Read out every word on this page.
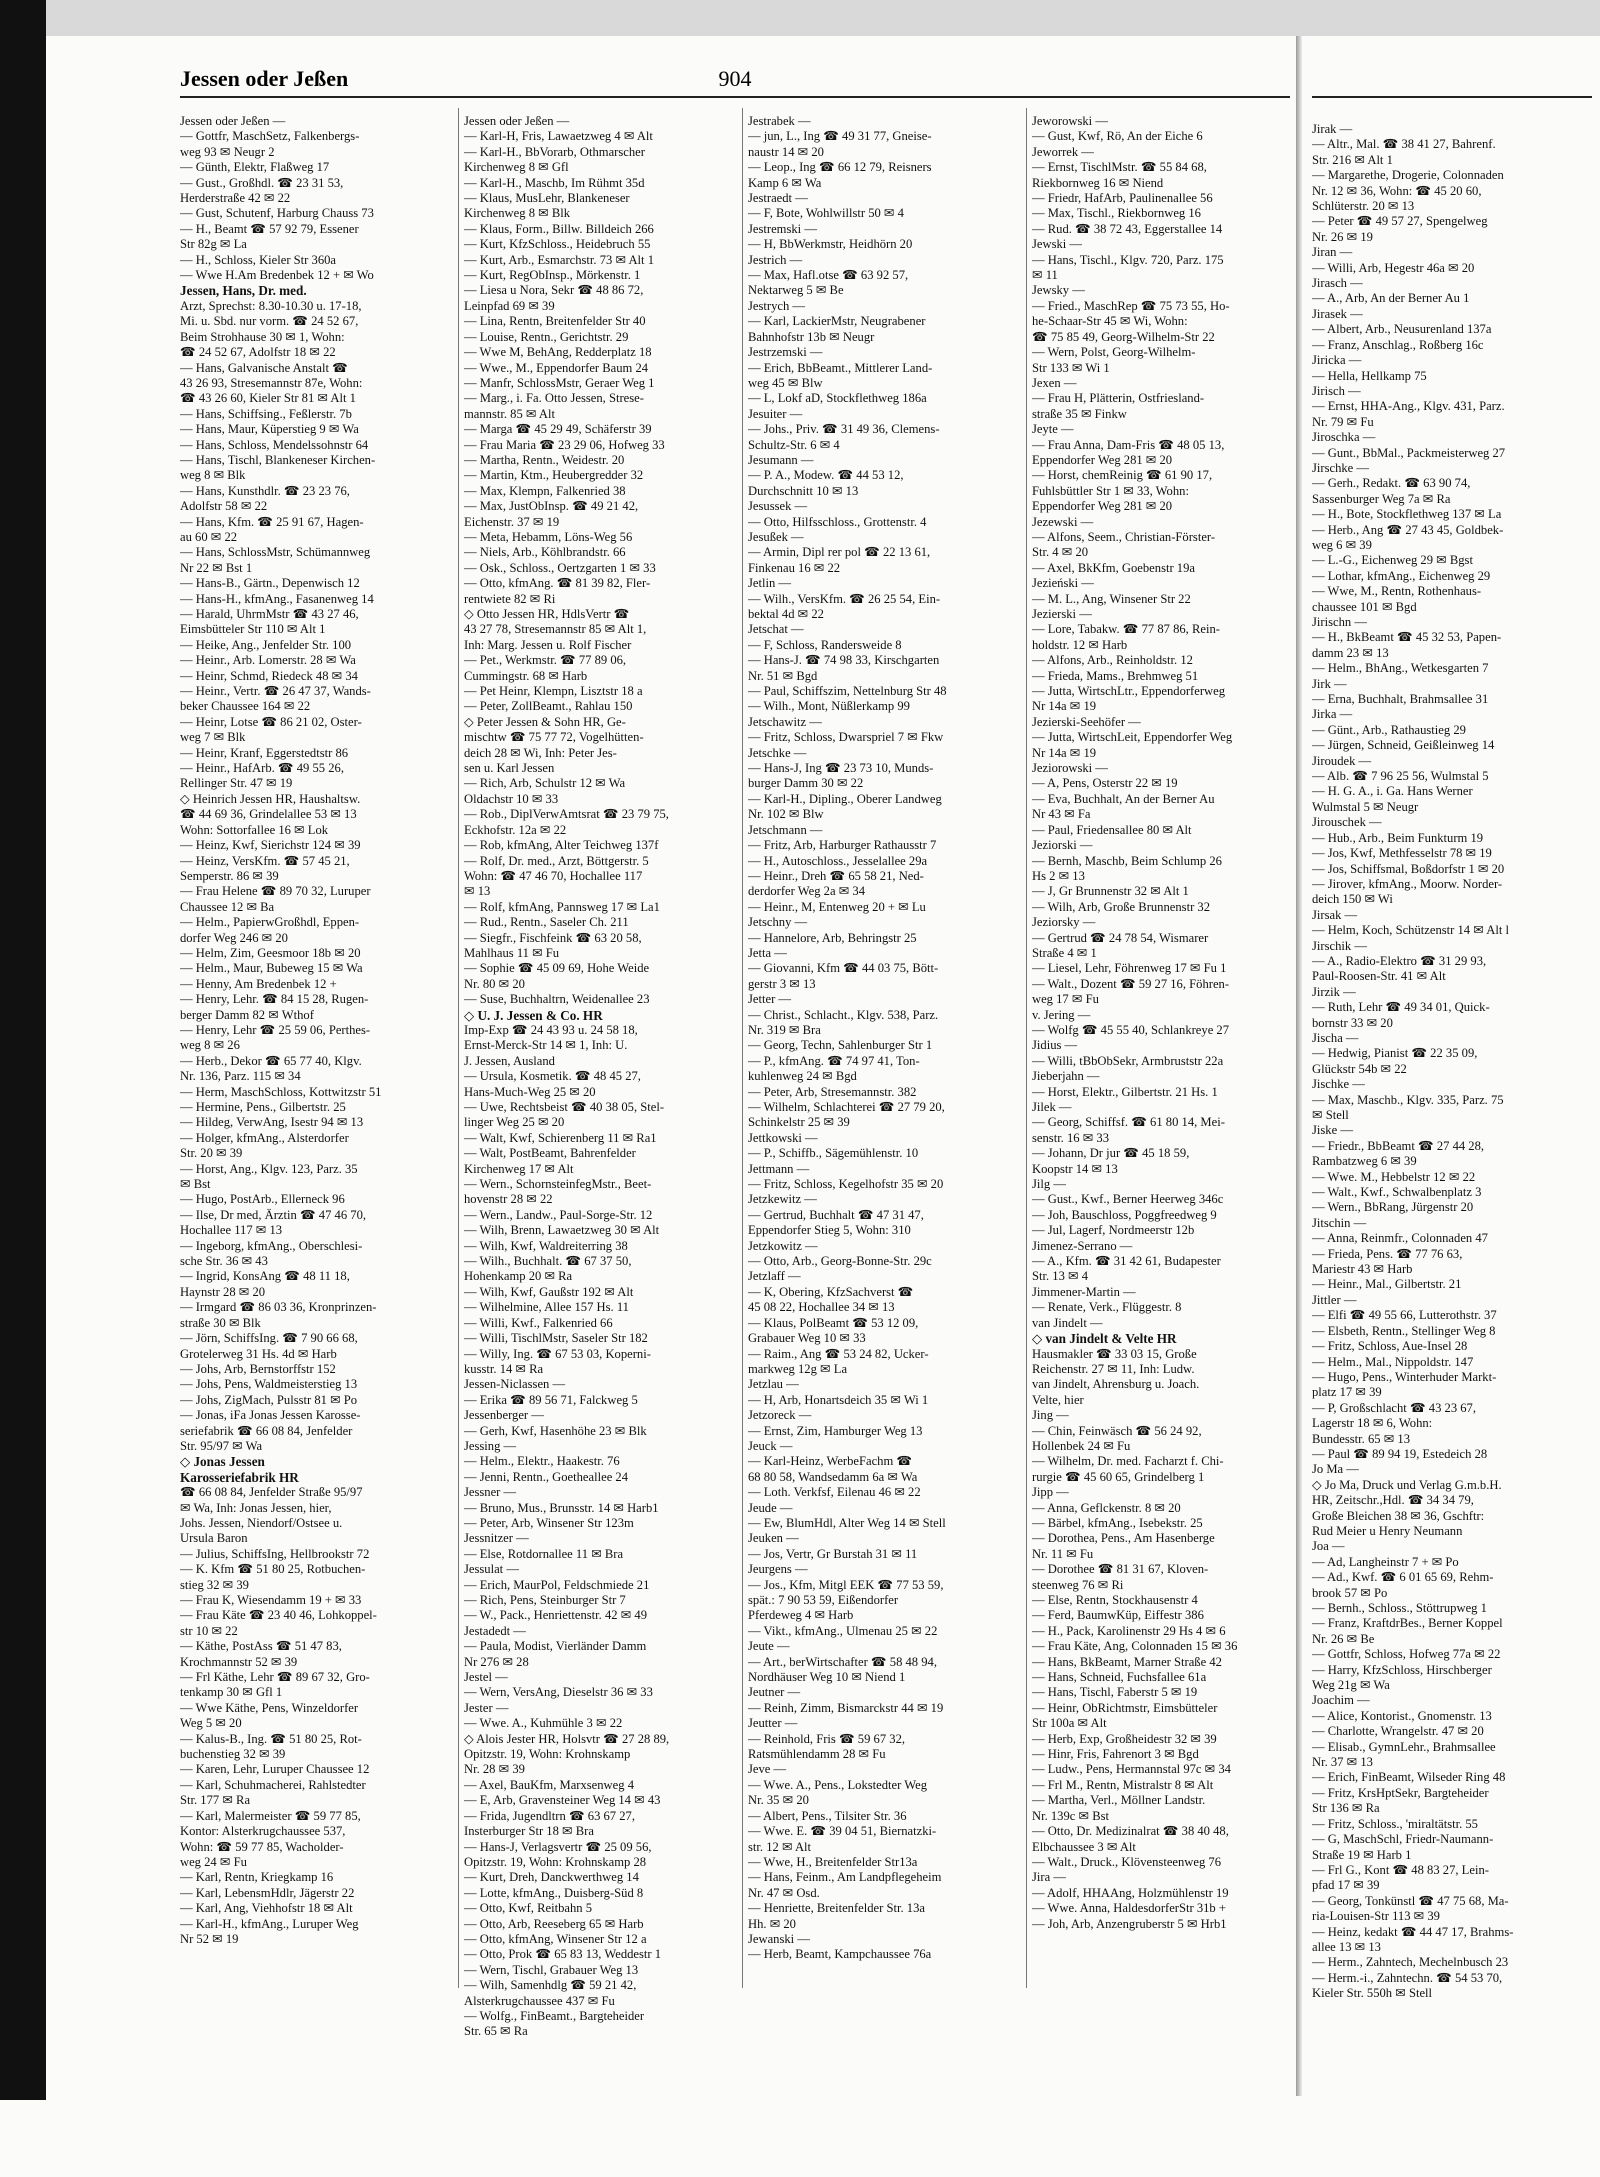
Jessen oder Jeßen	904
Jessen oder Jeßen —
— Gottfr, MaschSetz, Falkenbergs-
weg 93 ✉ Neugr 2
— Günth, Elektr, Flaßweg 17
— Gust., Großhdl. ☎ 23 31 53,
Herderstraße 42 ✉ 22
— Gust, Schutenf, Harburg Chauss 73
— H., Beamt ☎ 57 92 79, Essener
Str 82g ✉ La
— H., Schloss, Kieler Str 360a
— Wwe H.Am Bredenbek 12 + ✉ Wo
Jessen, Hans, Dr. med.
Arzt, Sprechst: 8.30-10.30 u. 17-18,
Mi. u. Sbd. nur vorm. ☎ 24 52 67,
Beim Strohhause 30 ✉ 1, Wohn:
☎ 24 52 67, Adolfstr 18 ✉ 22
— Hans, Galvanische Anstalt ☎
43 26 93, Stresemannstr 87e, Wohn:
☎ 43 26 60, Kieler Str 81 ✉ Alt 1
— Hans, Schiffsing., Feßlerstr. 7b
— Hans, Maur, Küperstieg 9 ✉ Wa
— Hans, Schloss, Mendelssohnstr 64
— Hans, Tischl, Blankeneser Kirchen-
weg 8 ✉ Blk
— Hans, Kunsthdlr. ☎ 23 23 76,
Adolfstr 58 ✉ 22
— Hans, Kfm. ☎ 25 91 67, Hagen-
au 60 ✉ 22
— Hans, SchlossMstr, Schümannweg
Nr 22 ✉ Bst 1
— Hans-B., Gärtn., Depenwisch 12
— Hans-H., kfmAng., Fasanenweg 14
— Harald, UhrmMstr ☎ 43 27 46,
Eimsbütteler Str 110 ✉ Alt 1
— Heike, Ang., Jenfelder Str. 100
— Heinr., Arb. Lomerstr. 28 ✉ Wa
— Heinr, Schmd, Riedeck 48 ✉ 34
— Heinr., Vertr. ☎ 26 47 37, Wands-
beker Chaussee 164 ✉ 22
— Heinr, Lotse ☎ 86 21 02, Oster-
weg 7 ✉ Blk
— Heinr, Kranf, Eggerstedtstr 86
— Heinr., HafArb. ☎ 49 55 26,
Rellinger Str. 47 ✉ 19
◇ Heinrich Jessen HR, Haushaltsw.
☎ 44 69 36, Grindelallee 53 ✉ 13
Wohn: Sottorfallee 16 ✉ Lok
— Heinz, Kwf, Sierichstr 124 ✉ 39
— Heinz, VersKfm. ☎ 57 45 21,
Semperstr. 86 ✉ 39
— Frau Helene ☎ 89 70 32, Luruper
Chaussee 12 ✉ Ba
— Helm., PapierwGroßhdl, Eppen-
dorfer Weg 246 ✉ 20
— Helm, Zim, Geesmoor 18b ✉ 20
— Helm., Maur, Bubeweg 15 ✉ Wa
— Henny, Am Bredenbek 12 +
— Henry, Lehr. ☎ 84 15 28, Rugen-
berger Damm 82 ✉ Wthof
— Henry, Lehr ☎ 25 59 06, Perthes-
weg 8 ✉ 26
— Herb., Dekor ☎ 65 77 40, Klgv.
Nr. 136, Parz. 115 ✉ 34
— Herm, MaschSchloss, Kottwitzstr 51
— Hermine, Pens., Gilbertstr. 25
— Hildeg, VerwAng, Isestr 94 ✉ 13
— Holger, kfmAng., Alsterdorfer
Str. 20 ✉ 39
— Horst, Ang., Klgv. 123, Parz. 35
✉ Bst
— Hugo, PostArb., Ellerneck 96
— Ilse, Dr med, Ärztin ☎ 47 46 70,
Hochallee 117 ✉ 13
— Ingeborg, kfmAng., Oberschlesi-
sche Str. 36 ✉ 43
— Ingrid, KonsAng ☎ 48 11 18,
Haynstr 28 ✉ 20
— Irmgard ☎ 86 03 36, Kronprinzen-
straße 30 ✉ Blk
— Jörn, SchiffsIng. ☎ 7 90 66 68,
Grotelerweg 31 Hs. 4d ✉ Harb
— Johs, Arb, Bernstorffstr 152
— Johs, Pens, Waldmeisterstieg 13
— Johs, ZigMach, Pulsstr 81 ✉ Po
— Jonas, iFa Jonas Jessen Karosse-
seriefabrik ☎ 66 08 84, Jenfelder
Str. 95/97 ✉ Wa
◇ Jonas Jessen
Karosseriefabrik HR
☎ 66 08 84, Jenfelder Straße 95/97
✉ Wa, Inh: Jonas Jessen, hier,
Johs. Jessen, Niendorf/Ostsee u.
Ursula Baron
— Julius, SchiffsIng, Hellbrookstr 72
— K. Kfm ☎ 51 80 25, Rotbuchen-
stieg 32 ✉ 39
— Frau K, Wiesendamm 19 + ✉ 33
— Frau Käte ☎ 23 40 46, Lohkoppel-
str 10 ✉ 22
— Käthe, PostAss ☎ 51 47 83,
Krochmannstr 52 ✉ 39
— Frl Käthe, Lehr ☎ 89 67 32, Gro-
tenkamp 30 ✉ Gfl 1
— Wwe Käthe, Pens, Winzeldorfer
Weg 5 ✉ 20
— Kalus-B., Ing. ☎ 51 80 25, Rot-
buchenstieg 32 ✉ 39
— Karen, Lehr, Luruper Chaussee 12
— Karl, Schuhmacherei, Rahlstedter
Str. 177 ✉ Ra
— Karl, Malermeister ☎ 59 77 85,
Kontor: Alsterkrugchaussee 537,
Wohn: ☎ 59 77 85, Wacholder-
weg 24 ✉ Fu
— Karl, Rentn, Kriegkamp 16
— Karl, LebensmHdlr, Jägerstr 22
— Karl, Ang, Viehhofstr 18 ✉ Alt
— Karl-H., kfmAng., Luruper Weg
Nr 52 ✉ 19
Jessen oder Jeßen —
— Karl-H, Fris, Lawaetzweg 4 ✉ Alt
— Karl-H., BbVorarb, Othmarscher
Kirchenweg 8 ✉ Gfl
— Karl-H., Maschb, Im Rühmt 35d
— Klaus, MusLehr, Blankeneser
Kirchenweg 8 ✉ Blk
— Klaus, Form., Billw. Billdeich 266
— Kurt, KfzSchloss., Heidebruch 55
— Kurt, Arb., Esmarchstr. 73 ✉ Alt 1
— Kurt, RegObInsp., Mörkenstr. 1
— Liesa u Nora, Sekr ☎ 48 86 72,
Leinpfad 69 ✉ 39
— Lina, Rentn, Breitenfelder Str 40
— Louise, Rentn., Gerichtstr. 29
— Wwe M, BehAng, Redderplatz 18
— Wwe., M., Eppendorfer Baum 24
— Manfr, SchlossMstr, Geraer Weg 1
— Marg., i. Fa. Otto Jessen, Strese-
mannstr. 85 ✉ Alt
— Marga ☎ 45 29 49, Schäferstr 39
— Frau Maria ☎ 23 29 06, Hofweg 33
— Martha, Rentn., Weidestr. 20
— Martin, Ktm., Heubergredder 32
— Max, Klempn, Falkenried 38
— Max, JustObInsp. ☎ 49 21 42,
Eichenstr. 37 ✉ 19
— Meta, Hebamm, Löns-Weg 56
— Niels, Arb., Köhlbrandstr. 66
— Osk., Schloss., Oertzgarten 1 ✉ 33
— Otto, kfmAng. ☎ 81 39 82, Fler-
rentwiete 82 ✉ Ri
◇ Otto Jessen HR, HdlsVertr ☎
43 27 78, Stresemannstr 85 ✉ Alt 1,
Inh: Marg. Jessen u. Rolf Fischer
— Pet., Werkmstr. ☎ 77 89 06,
Cummingstr. 68 ✉ Harb
— Pet Heinr, Klempn, Lisztstr 18 a
— Peter, ZollBeamt., Rahlau 150
◇ Peter Jessen & Sohn HR, Ge-
mischtw ☎ 75 77 72, Vogelhütten-
deich 28 ✉ Wi, Inh: Peter Jes-
sen u. Karl Jessen
— Rich, Arb, Schulstr 12 ✉ Wa
Oldachstr 10 ✉ 33
— Rob., DiplVerwAmtsrat ☎ 23 79 75,
Eckhofstr. 12a ✉ 22
— Rob, kfmAng, Alter Teichweg 137f
— Rolf, Dr. med., Arzt, Böttgerstr. 5
Wohn: ☎ 47 46 70, Hochallee 117
✉ 13
— Rolf, kfmAng, Pannsweg 17 ✉ La1
— Rud., Rentn., Saseler Ch. 211
— Siegfr., Fischfeink ☎ 63 20 58,
Mahlhaus 11 ✉ Fu
— Sophie ☎ 45 09 69, Hohe Weide
Nr. 80 ✉ 20
— Suse, Buchhaltrn, Weidenallee 23
◇ U. J. Jessen & Co. HR
Imp-Exp ☎ 24 43 93 u. 24 58 18,
Ernst-Merck-Str 14 ✉ 1, Inh: U.
J. Jessen, Ausland
— Ursula, Kosmetik. ☎ 48 45 27,
Hans-Much-Weg 25 ✉ 20
— Uwe, Rechtsbeist ☎ 40 38 05, Stel-
linger Weg 25 ✉ 20
— Walt, Kwf, Schierenberg 11 ✉ Ra1
— Walt, PostBeamt, Bahrenfelder
Kirchenweg 17 ✉ Alt
— Wern., SchornsteinfegMstr., Beet-
hovenstr 28 ✉ 22
— Wern., Landw., Paul-Sorge-Str. 12
— Wilh, Brenn, Lawaetzweg 30 ✉ Alt
— Wilh, Kwf, Waldreiterring 38
— Wilh., Buchhalt. ☎ 67 37 50,
Hohenkamp 20 ✉ Ra
— Wilh, Kwf, Gaußstr 192 ✉ Alt
— Wilhelmine, Allee 157 Hs. 11
— Willi, Kwf., Falkenried 66
— Willi, TischlMstr, Saseler Str 182
— Willy, Ing. ☎ 67 53 03, Koperni-
kusstr. 14 ✉ Ra
Jessen-Niclassen —
— Erika ☎ 89 56 71, Falckweg 5
Jessenberger —
— Gerh, Kwf, Hasenhöhe 23 ✉ Blk
Jessing —
— Helm., Elektr., Haakestr. 76
— Jenni, Rentn., Goetheallee 24
Jessner —
— Bruno, Mus., Brunsstr. 14 ✉ Harb1
— Peter, Arb, Winsener Str 123m
Jessnitzer —
— Else, Rotdornallee 11 ✉ Bra
Jessulat —
— Erich, MaurPol, Feldschmiede 21
— Rich, Pens, Steinburger Str 7
— W., Pack., Henriettenstr. 42 ✉ 49
Jestadedt —
— Paula, Modist, Vierländer Damm
Nr 276 ✉ 28
Jestel —
— Wern, VersAng, Dieselstr 36 ✉ 33
Jester —
— Wwe. A., Kuhmühle 3 ✉ 22
◇ Alois Jester HR, Holsvtr ☎ 27 28 89,
Opitzstr. 19, Wohn: Krohnskamp
Nr. 28 ✉ 39
— Axel, BauKfm, Marxsenweg 4
— E, Arb, Gravensteiner Weg 14 ✉ 43
— Frida, Jugendltrn ☎ 63 67 27,
Insterburger Str 18 ✉ Bra
— Hans-J, Verlagsvertr ☎ 25 09 56,
Opitzstr. 19, Wohn: Krohnskamp 28
— Kurt, Dreh, Danckwerthweg 14
— Lotte, kfmAng., Duisberg-Süd 8
— Otto, Kwf, Reitbahn 5
— Otto, Arb, Reeseberg 65 ✉ Harb
— Otto, kfmAng, Winsener Str 12 a
— Otto, Prok ☎ 65 83 13, Weddestr 1
— Wern, Tischl, Grabauer Weg 13
— Wilh, Samenhdlg ☎ 59 21 42,
Alsterkrugchaussee 437 ✉ Fu
— Wolfg., FinBeamt., Bargteheider
Str. 65 ✉ Ra
Jestrabek —
— jun, L., Ing ☎ 49 31 77, Gneise-
naustr 14 ✉ 20
— Leop., Ing ☎ 66 12 79, Reisners
Kamp 6 ✉ Wa
Jestraedt —
— F, Bote, Wohlwillstr 50 ✉ 4
Jestremski —
— H, BbWerkmstr, Heidhörn 20
Jestrich —
— Max, Hafl.otse ☎ 63 92 57,
Nektarweg 5 ✉ Be
Jestrych —
— Karl, LackierMstr, Neugrabener
Bahnhofstr 13b ✉ Neugr
Jestrzemski —
— Erich, BbBeamt., Mittlerer Land-
weg 45 ✉ Blw
— L, Lokf aD, Stockflethweg 186a
Jesuiter —
— Johs., Priv. ☎ 31 49 36, Clemens-
Schultz-Str. 6 ✉ 4
Jesumann —
— P. A., Modew. ☎ 44 53 12,
Durchschnitt 10 ✉ 13
Jesussek —
— Otto, Hilfsschloss., Grottenstr. 4
Jesußek —
— Armin, Dipl rer pol ☎ 22 13 61,
Finkenau 16 ✉ 22
Jetlin —
— Wilh., VersKfm. ☎ 26 25 54, Ein-
bektal 4d ✉ 22
Jetschat —
— F, Schloss, Randersweide 8
— Hans-J. ☎ 74 98 33, Kirschgarten
Nr. 51 ✉ Bgd
— Paul, Schiffszim, Nettelnburg Str 48
— Wilh., Mont, Nüßlerkamp 99
Jetschawitz —
— Fritz, Schloss, Dwarspriel 7 ✉ Fkw
Jetschke —
— Hans-J, Ing ☎ 23 73 10, Munds-
burger Damm 30 ✉ 22
— Karl-H., Dipling., Oberer Landweg
Nr. 102 ✉ Blw
Jetschmann —
— Fritz, Arb, Harburger Rathausstr 7
— H., Autoschloss., Jesselallee 29a
— Heinr., Dreh ☎ 65 58 21, Ned-
derdorfer Weg 2a ✉ 34
— Heinr., M, Entenweg 20 + ✉ Lu
Jetschny —
— Hannelore, Arb, Behringstr 25
Jetta —
— Giovanni, Kfm ☎ 44 03 75, Bött-
gerstr 3 ✉ 13
Jetter —
— Christ., Schlacht., Klgv. 538, Parz.
Nr. 319 ✉ Bra
— Georg, Techn, Sahlenburger Str 1
— P., kfmAng. ☎ 74 97 41, Ton-
kuhlenweg 24 ✉ Bgd
— Peter, Arb, Stresemannstr. 382
— Wilhelm, Schlachterei ☎ 27 79 20,
Schinkelstr 25 ✉ 39
Jettkowski —
— P., Schiffb., Sägemühlenstr. 10
Jettmann —
— Fritz, Schloss, Kegelhofstr 35 ✉ 20
Jetzkewitz —
— Gertrud, Buchhalt ☎ 47 31 47,
Eppendorfer Stieg 5, Wohn: 310
Jetzkowitz —
— Otto, Arb., Georg-Bonne-Str. 29c
Jetzlaff —
— K, Obering, KfzSachverst ☎
45 08 22, Hochallee 34 ✉ 13
— Klaus, PolBeamt ☎ 53 12 09,
Grabauer Weg 10 ✉ 33
— Raim., Ang ☎ 53 24 82, Ucker-
markweg 12g ✉ La
Jetzlau —
— H, Arb, Honartsdeich 35 ✉ Wi 1
Jetzoreck —
— Ernst, Zim, Hamburger Weg 13
Jeuck —
— Karl-Heinz, WerbeFachm ☎
68 80 58, Wandsedamm 6a ✉ Wa
— Loth. Verkfsf, Eilenau 46 ✉ 22
Jeude —
— Ew, BlumHdl, Alter Weg 14 ✉ Stell
Jeuken —
— Jos, Vertr, Gr Burstah 31 ✉ 11
Jeurgens —
— Jos., Kfm, Mitgl EEK ☎ 77 53 59,
spät.: 7 90 53 59, Eißendorfer
Pferdeweg 4 ✉ Harb
— Vikt., kfmAng., Ulmenau 25 ✉ 22
Jeute —
— Art., berWirtschafter ☎ 58 48 94,
Nordhäuser Weg 10 ✉ Niend 1
Jeutner —
— Reinh, Zimm, Bismarckstr 44 ✉ 19
Jeutter —
— Reinhold, Fris ☎ 59 67 32,
Ratsmühlendamm 28 ✉ Fu
Jeve —
— Wwe. A., Pens., Lokstedter Weg
Nr. 35 ✉ 20
— Albert, Pens., Tilsiter Str. 36
— Wwe. E. ☎ 39 04 51, Biernatzki-
str. 12 ✉ Alt
— Wwe, H., Breitenfelder Str13a
— Hans, Feinm., Am Landpflegeheim
Nr. 47 ✉ Osd.
— Henriette, Breitenfelder Str. 13a
Hh. ✉ 20
Jewanski —
— Herb, Beamt, Kampchaussee 76a
Jeworowski —
— Gust, Kwf, Rö, An der Eiche 6
Jeworrek —
— Ernst, TischlMstr. ☎ 55 84 68,
Riekbornweg 16 ✉ Niend
— Friedr, HafArb, Paulinenallee 56
— Max, Tischl., Riekbornweg 16
— Rud. ☎ 38 72 43, Eggerstallee 14
Jewski —
— Hans, Tischl., Klgv. 720, Parz. 175
✉ 11
Jewsky —
— Fried., MaschRep ☎ 75 73 55, Ho-
he-Schaar-Str 45 ✉ Wi, Wohn:
☎ 75 85 49, Georg-Wilhelm-Str 22
— Wern, Polst, Georg-Wilhelm-
Str 133 ✉ Wi 1
Jexen —
— Frau H, Plätterin, Ostfriesland-
straße 35 ✉ Finkw
Jeyte —
— Frau Anna, Dam-Fris ☎ 48 05 13,
Eppendorfer Weg 281 ✉ 20
— Horst, chemReinig ☎ 61 90 17,
Fuhlsbüttler Str 1 ✉ 33, Wohn:
Eppendorfer Weg 281 ✉ 20
Jezewski —
— Alfons, Seem., Christian-Förster-
Str. 4 ✉ 20
— Axel, BkKfm, Goebenstr 19a
Jezieński —
— M. L., Ang, Winsener Str 22
Jezierski —
— Lore, Tabakw. ☎ 77 87 86, Rein-
holdstr. 12 ✉ Harb
— Alfons, Arb., Reinholdstr. 12
— Frieda, Mams., Brehmweg 51
— Jutta, WirtschLtr., Eppendorferweg
Nr 14a ✉ 19
Jezierski-Seehöfer —
— Jutta, WirtschLeit, Eppendorfer Weg
Nr 14a ✉ 19
Jeziorowski —
— A, Pens, Osterstr 22 ✉ 19
— Eva, Buchhalt, An der Berner Au
Nr 43 ✉ Fa
— Paul, Friedensallee 80 ✉ Alt
Jeziorski —
— Bernh, Maschb, Beim Schlump 26
Hs 2 ✉ 13
— J, Gr Brunnenstr 32 ✉ Alt 1
— Wilh, Arb, Große Brunnenstr 32
Jeziorsky —
— Gertrud ☎ 24 78 54, Wismarer
Straße 4 ✉ 1
— Liesel, Lehr, Föhrenweg 17 ✉ Fu 1
— Walt., Dozent ☎ 59 27 16, Föhren-
weg 17 ✉ Fu
v. Jering —
— Wolfg ☎ 45 55 40, Schlankreye 27
Jidius —
— Willi, tBbObSekr, Armbruststr 22a
Jieberjahn —
— Horst, Elektr., Gilbertstr. 21 Hs. 1
Jilek —
— Georg, Schiffsf. ☎ 61 80 14, Mei-
senstr. 16 ✉ 33
— Johann, Dr jur ☎ 45 18 59,
Koopstr 14 ✉ 13
Jilg —
— Gust., Kwf., Berner Heerweg 346c
— Joh, Bauschloss, Poggfreedweg 9
— Jul, Lagerf, Nordmeerstr 12b
Jimenez-Serrano —
— A., Kfm. ☎ 31 42 61, Budapester
Str. 13 ✉ 4
Jimmener-Martin —
— Renate, Verk., Flüggestr. 8
van Jindelt —
◇ van Jindelt & Velte HR
Hausmakler ☎ 33 03 15, Große
Reichenstr. 27 ✉ 11, Inh: Ludw.
van Jindelt, Ahrensburg u. Joach.
Velte, hier
Jing —
— Chin, Feinwäsch ☎ 56 24 92,
Hollenbek 24 ✉ Fu
— Wilhelm, Dr. med. Facharzt f. Chi-
rurgie ☎ 45 60 65, Grindelberg 1
Jipp —
— Anna, Geflckenstr. 8 ✉ 20
— Bärbel, kfmAng., Isebekstr. 25
— Dorothea, Pens., Am Hasenberge
Nr. 11 ✉ Fu
— Dorothee ☎ 81 31 67, Kloven-
steenweg 76 ✉ Ri
— Else, Rentn, Stockhausenstr 4
— Ferd, BaumwKüp, Eiffestr 386
— H., Pack, Karolinenstr 29 Hs 4 ✉ 6
— Frau Käte, Ang, Colonnaden 15 ✉ 36
— Hans, BkBeamt, Marner Straße 42
— Hans, Schneid, Fuchsfallee 61a
— Hans, Tischl, Faberstr 5 ✉ 19
— Heinr, ObRichtmstr, Eimsbütteler
Str 100a ✉ Alt
— Herb, Exp, Großheidestr 32 ✉ 39
— Hinr, Fris, Fahrenort 3 ✉ Bgd
— Ludw., Pens, Hermannstal 97c ✉ 34
— Frl M., Rentn, Mistralstr 8 ✉ Alt
— Martha, Verl., Möllner Landstr.
Nr. 139c ✉ Bst
— Otto, Dr. Medizinalrat ☎ 38 40 48,
Elbchaussee 3 ✉ Alt
— Walt., Druck., Klövensteenweg 76
Jira —
— Adolf, HHAAng, Holzmühlenstr 19
— Wwe. Anna, HaldesdorferStr 31b +
— Joh, Arb, Anzengruberstr 5 ✉ Hrb1
Jirak —
— Altr., Mal. ☎ 38 41 27, Bahrenf.
Str. 216 ✉ Alt 1
— Margarethe, Drogerie, Colonnaden
Nr. 12 ✉ 36, Wohn: ☎ 45 20 60,
Schlüterstr. 20 ✉ 13
— Peter ☎ 49 57 27, Spengelweg
Nr. 26 ✉ 19
Jiran —
— Willi, Arb, Hegestr 46a ✉ 20
Jirasch —
— A., Arb, An der Berner Au 1
Jirasek —
— Albert, Arb., Neusurenland 137a
— Franz, Anschlag., Roßberg 16c
Jiricka —
— Hella, Hellkamp 75
Jirisch —
— Ernst, HHA-Ang., Klgv. 431, Parz.
Nr. 79 ✉ Fu
Jiroschka —
— Gunt., BbMal., Packmeisterweg 27
Jirschke —
— Gerh., Redakt. ☎ 63 90 74,
Sassenburger Weg 7a ✉ Ra
— H., Bote, Stockflethweg 137 ✉ La
— Herb., Ang ☎ 27 43 45, Goldbek-
weg 6 ✉ 39
— L.-G., Eichenweg 29 ✉ Bgst
— Lothar, kfmAng., Eichenweg 29
— Wwe, M., Rentn, Rothenhaus-
chaussee 101 ✉ Bgd
Jirischn —
— H., BkBeamt ☎ 45 32 53, Papen-
damm 23 ✉ 13
— Helm., BhAng., Wetkesgarten 7
Jirk —
— Erna, Buchhalt, Brahmsallee 31
Jirka —
— Günt., Arb., Rathaustieg 29
— Jürgen, Schneid, Geißleinweg 14
Jiroudek —
— Alb. ☎ 7 96 25 56, Wulmstal 5
— H. G. A., i. Ga. Hans Werner
Wulmstal 5 ✉ Neugr
Jirouschek —
— Hub., Arb., Beim Funkturm 19
— Jos, Kwf, Methfesselstr 78 ✉ 19
— Jos, Schiffsmal, Boßdorfstr 1 ✉ 20
— Jirover, kfmAng., Moorw. Norder-
deich 150 ✉ Wi
Jirsak —
— Helm, Koch, Schützenstr 14 ✉ Alt l
Jirschik —
— A., Radio-Elektro ☎ 31 29 93,
Paul-Roosen-Str. 41 ✉ Alt
Jirzik —
— Ruth, Lehr ☎ 49 34 01, Quick-
bornstr 33 ✉ 20
Jischa —
— Hedwig, Pianist ☎ 22 35 09,
Glückstr 54b ✉ 22
Jischke —
— Max, Maschb., Klgv. 335, Parz. 75
✉ Stell
Jiske —
— Friedr., BbBeamt ☎ 27 44 28,
Rambatzweg 6 ✉ 39
— Wwe. M., Hebbelstr 12 ✉ 22
— Walt., Kwf., Schwalbenplatz 3
— Wern., BbRang, Jürgenstr 20
Jitschin —
— Anna, Reinmfr., Colonnaden 47
— Frieda, Pens. ☎ 77 76 63,
Mariestr 43 ✉ Harb
— Heinr., Mal., Gilbertstr. 21
Jittler —
— Elfi ☎ 49 55 66, Lutterothstr. 37
— Elsbeth, Rentn., Stellinger Weg 8
— Fritz, Schloss, Aue-Insel 28
— Helm., Mal., Nippoldstr. 147
— Hugo, Pens., Winterhuder Markt-
platz 17 ✉ 39
— P, Großschlacht ☎ 43 23 67,
Lagerstr 18 ✉ 6, Wohn:
Bundesstr. 65 ✉ 13
— Paul ☎ 89 94 19, Estedeich 28
Jo Ma —
◇ Jo Ma, Druck und Verlag G.m.b.H.
HR, Zeitschr.,Hdl. ☎ 34 34 79,
Große Bleichen 38 ✉ 36, Gschftr:
Rud Meier u Henry Neumann
Joa —
— Ad, Langheinstr 7 + ✉ Po
— Ad., Kwf. ☎ 6 01 65 69, Rehm-
brook 57 ✉ Po
— Bernh., Schloss., Stöttrupweg 1
— Franz, KraftdrBes., Berner Koppel
Nr. 26 ✉ Be
— Gottfr, Schloss, Hofweg 77a ✉ 22
— Harry, KfzSchloss, Hirschberger
Weg 21g ✉ Wa
Joachim —
— Alice, Kontorist., Gnomenstr. 13
— Charlotte, Wrangelstr. 47 ✉ 20
— Elisab., GymnLehr., Brahmsallee
Nr. 37 ✉ 13
— Erich, FinBeamt, Wilseder Ring 48
— Fritz, KrsHptSekr, Bargteheider
Str 136 ✉ Ra
— Fritz, Schloss., 'miraltätstr. 55
— G, MaschSchl, Friedr-Naumann-
Straße 19 ✉ Harb 1
— Frl G., Kont ☎ 48 83 27, Lein-
pfad 17 ✉ 39
— Georg, Tonkünstl ☎ 47 75 68, Ma-
ria-Louisen-Str 113 ✉ 39
— Heinz, kedakt ☎ 44 47 17, Brahms-
allee 13 ✉ 13
— Herm., Zahntech, Mechelnbusch 23
— Herm.-i., Zahntechn. ☎ 54 53 70,
Kieler Str. 550h ✉ Stell
